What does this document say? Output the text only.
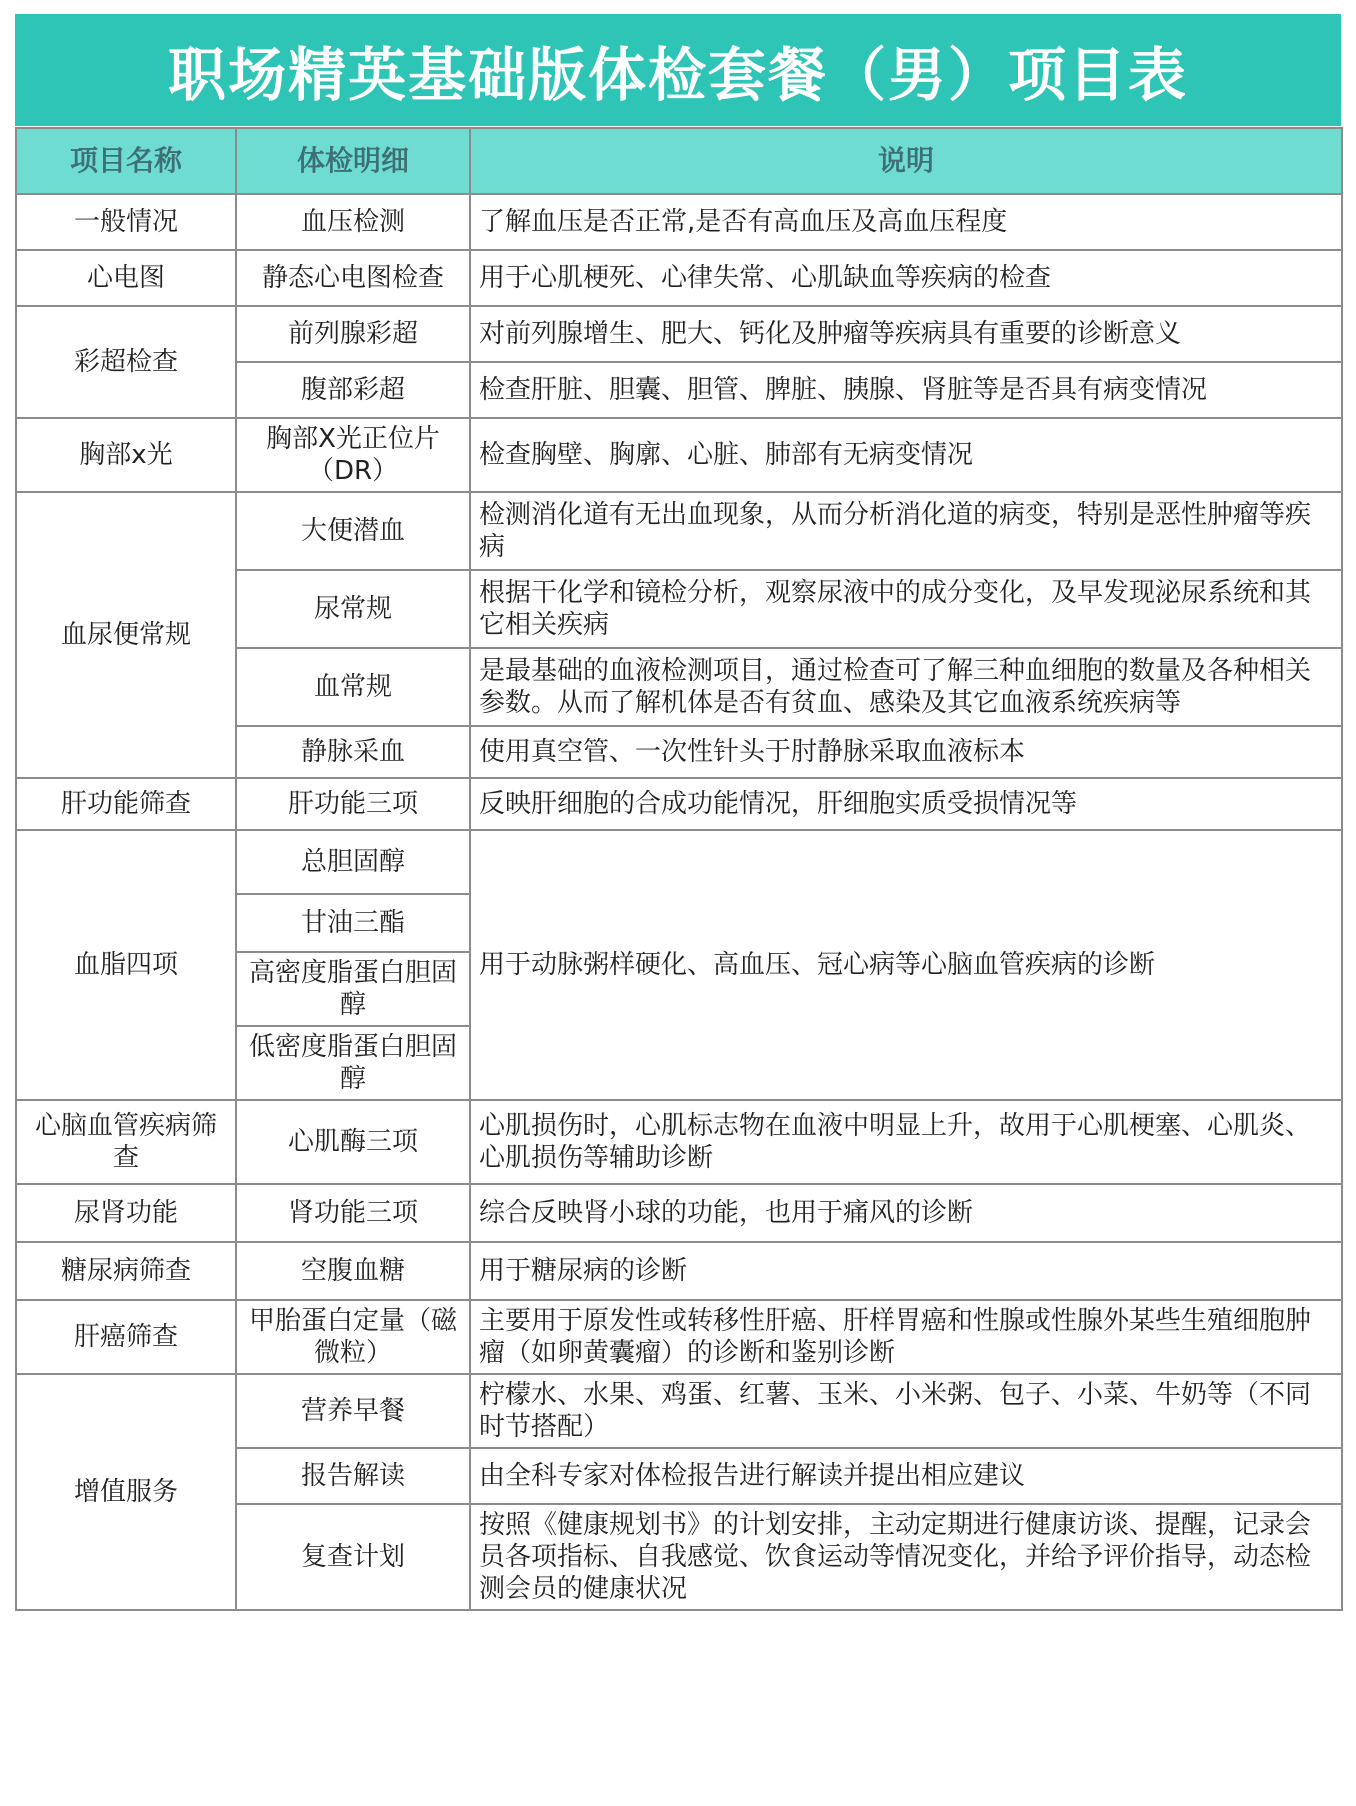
职场精英基础版体检套餐（男）项目表
项目名称	体检明细	说明
一般情况	血压检测	了解血压是否正常,是否有高血压及高血压程度
心电图	静态心电图检查	用于心肌梗死、心律失常、心肌缺血等疾病的检查
彩超检查	前列腺彩超	对前列腺增生、肥大、钙化及肿瘤等疾病具有重要的诊断意义
	腹部彩超	检查肝脏、胆囊、胆管、脾脏、胰腺、肾脏等是否具有病变情况
胸部x光	胸部X光正位片（DR）	检查胸壁、胸廓、心脏、肺部有无病变情况
血尿便常规	大便潜血	检测消化道有无出血现象，从而分析消化道的病变，特别是恶性肿瘤等疾病
	尿常规	根据干化学和镜检分析，观察尿液中的成分变化，及早发现泌尿系统和其它相关疾病
	血常规	是最基础的血液检测项目，通过检查可了解三种血细胞的数量及各种相关参数。从而了解机体是否有贫血、感染及其它血液系统疾病等
	静脉采血	使用真空管、一次性针头于肘静脉采取血液标本
肝功能筛查	肝功能三项	反映肝细胞的合成功能情况，肝细胞实质受损情况等
血脂四项	总胆固醇	用于动脉粥样硬化、高血压、冠心病等心脑血管疾病的诊断
	甘油三酯	
	高密度脂蛋白胆固醇	
	低密度脂蛋白胆固醇	
心脑血管疾病筛查	心肌酶三项	心肌损伤时，心肌标志物在血液中明显上升，故用于心肌梗塞、心肌炎、心肌损伤等辅助诊断
尿肾功能	肾功能三项	综合反映肾小球的功能，也用于痛风的诊断
糖尿病筛查	空腹血糖	用于糖尿病的诊断
肝癌筛查	甲胎蛋白定量（磁微粒）	主要用于原发性或转移性肝癌、肝样胃癌和性腺或性腺外某些生殖细胞肿瘤（如卵黄囊瘤）的诊断和鉴别诊断
增值服务	营养早餐	柠檬水、水果、鸡蛋、红薯、玉米、小米粥、包子、小菜、牛奶等（不同时节搭配）
	报告解读	由全科专家对体检报告进行解读并提出相应建议
	复查计划	按照《健康规划书》的计划安排，主动定期进行健康访谈、提醒，记录会员各项指标、自我感觉、饮食运动等情况变化，并给予评价指导，动态检测会员的健康状况
